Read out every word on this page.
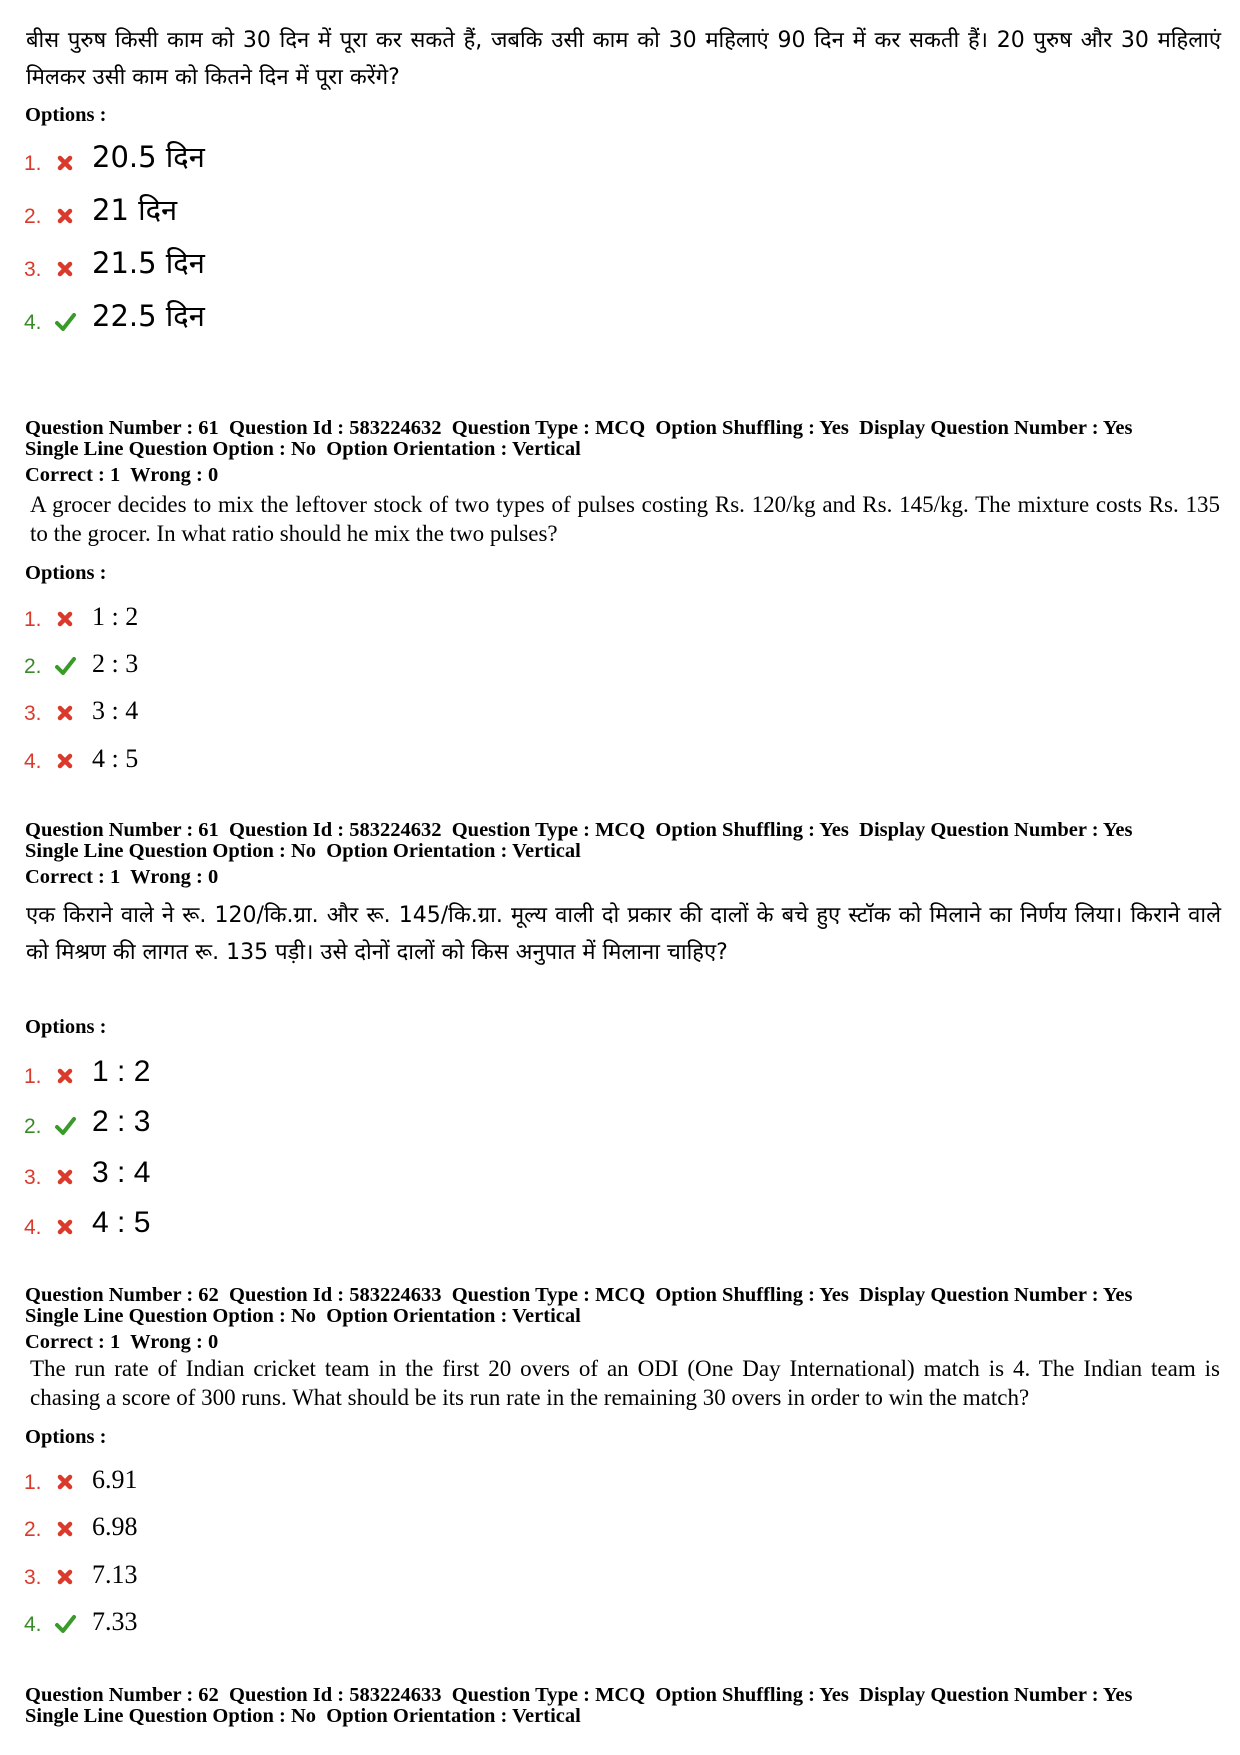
बीस पुरुष किसी काम को 30 दिन में पूरा कर सकते हैं, जबकि उसी काम को 30 महिलाएं 90 दिन में कर सकती हैं। 20 पुरुष और 30 महिलाएं मिलकर उसी काम को कितने दिन में पूरा करेंगे?
Options :
1. 20.5 दिन
2. 21 दिन
3. 21.5 दिन
4. 22.5 दिन
Question Number : 61  Question Id : 583224632  Question Type : MCQ  Option Shuffling : Yes  Display Question Number : Yes
Single Line Question Option : No  Option Orientation : Vertical
Correct : 1  Wrong : 0
A grocer decides to mix the leftover stock of two types of pulses costing Rs. 120/kg and Rs. 145/kg. The mixture costs Rs. 135 to the grocer. In what ratio should he mix the two pulses?
Options :
1. 1 : 2
2. 2 : 3
3. 3 : 4
4. 4 : 5
Question Number : 61  Question Id : 583224632  Question Type : MCQ  Option Shuffling : Yes  Display Question Number : Yes
Single Line Question Option : No  Option Orientation : Vertical
Correct : 1  Wrong : 0
एक किराने वाले ने रू. 120/कि.ग्रा. और रू. 145/कि.ग्रा. मूल्य वाली दो प्रकार की दालों के बचे हुए स्टॉक को मिलाने का निर्णय लिया। किराने वाले को मिश्रण की लागत रू. 135 पड़ी। उसे दोनों दालों को किस अनुपात में मिलाना चाहिए?
Options :
1. 1 : 2
2. 2 : 3
3. 3 : 4
4. 4 : 5
Question Number : 62  Question Id : 583224633  Question Type : MCQ  Option Shuffling : Yes  Display Question Number : Yes
Single Line Question Option : No  Option Orientation : Vertical
Correct : 1  Wrong : 0
The run rate of Indian cricket team in the first 20 overs of an ODI (One Day International) match is 4. The Indian team is chasing a score of 300 runs. What should be its run rate in the remaining 30 overs in order to win the match?
Options :
1. 6.91
2. 6.98
3. 7.13
4. 7.33
Question Number : 62  Question Id : 583224633  Question Type : MCQ  Option Shuffling : Yes  Display Question Number : Yes
Single Line Question Option : No  Option Orientation : Vertical
